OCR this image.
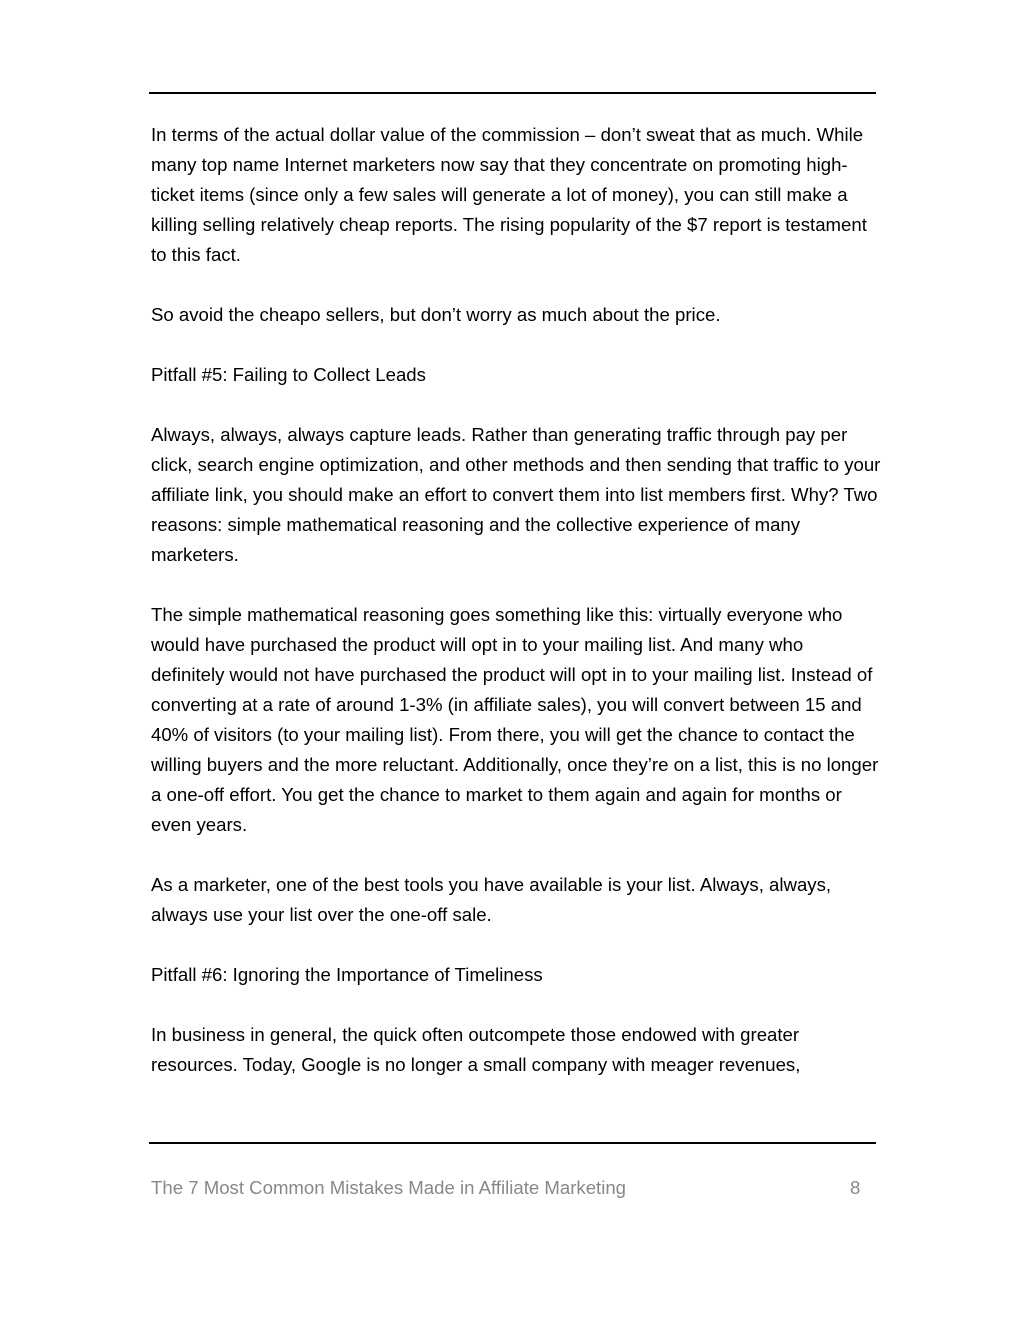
In terms of the actual dollar value of the commission – don’t sweat that as much. While many top name Internet marketers now say that they concentrate on promoting high-ticket items (since only a few sales will generate a lot of money), you can still make a killing selling relatively cheap reports. The rising popularity of the $7 report is testament to this fact.

So avoid the cheapo sellers, but don’t worry as much about the price.

Pitfall #5: Failing to Collect Leads

Always, always, always capture leads. Rather than generating traffic through pay per click, search engine optimization, and other methods and then sending that traffic to your affiliate link, you should make an effort to convert them into list members first. Why? Two reasons: simple mathematical reasoning and the collective experience of many marketers.

The simple mathematical reasoning goes something like this: virtually everyone who would have purchased the product will opt in to your mailing list. And many who definitely would not have purchased the product will opt in to your mailing list. Instead of converting at a rate of around 1-3% (in affiliate sales), you will convert between 15 and 40% of visitors (to your mailing list). From there, you will get the chance to contact the willing buyers and the more reluctant. Additionally, once they’re on a list, this is no longer a one-off effort. You get the chance to market to them again and again for months or even years.

As a marketer, one of the best tools you have available is your list. Always, always, always use your list over the one-off sale.

Pitfall #6: Ignoring the Importance of Timeliness

In business in general, the quick often outcompete those endowed with greater resources. Today, Google is no longer a small company with meager revenues,

The 7 Most Common Mistakes Made in Affiliate Marketing	8
